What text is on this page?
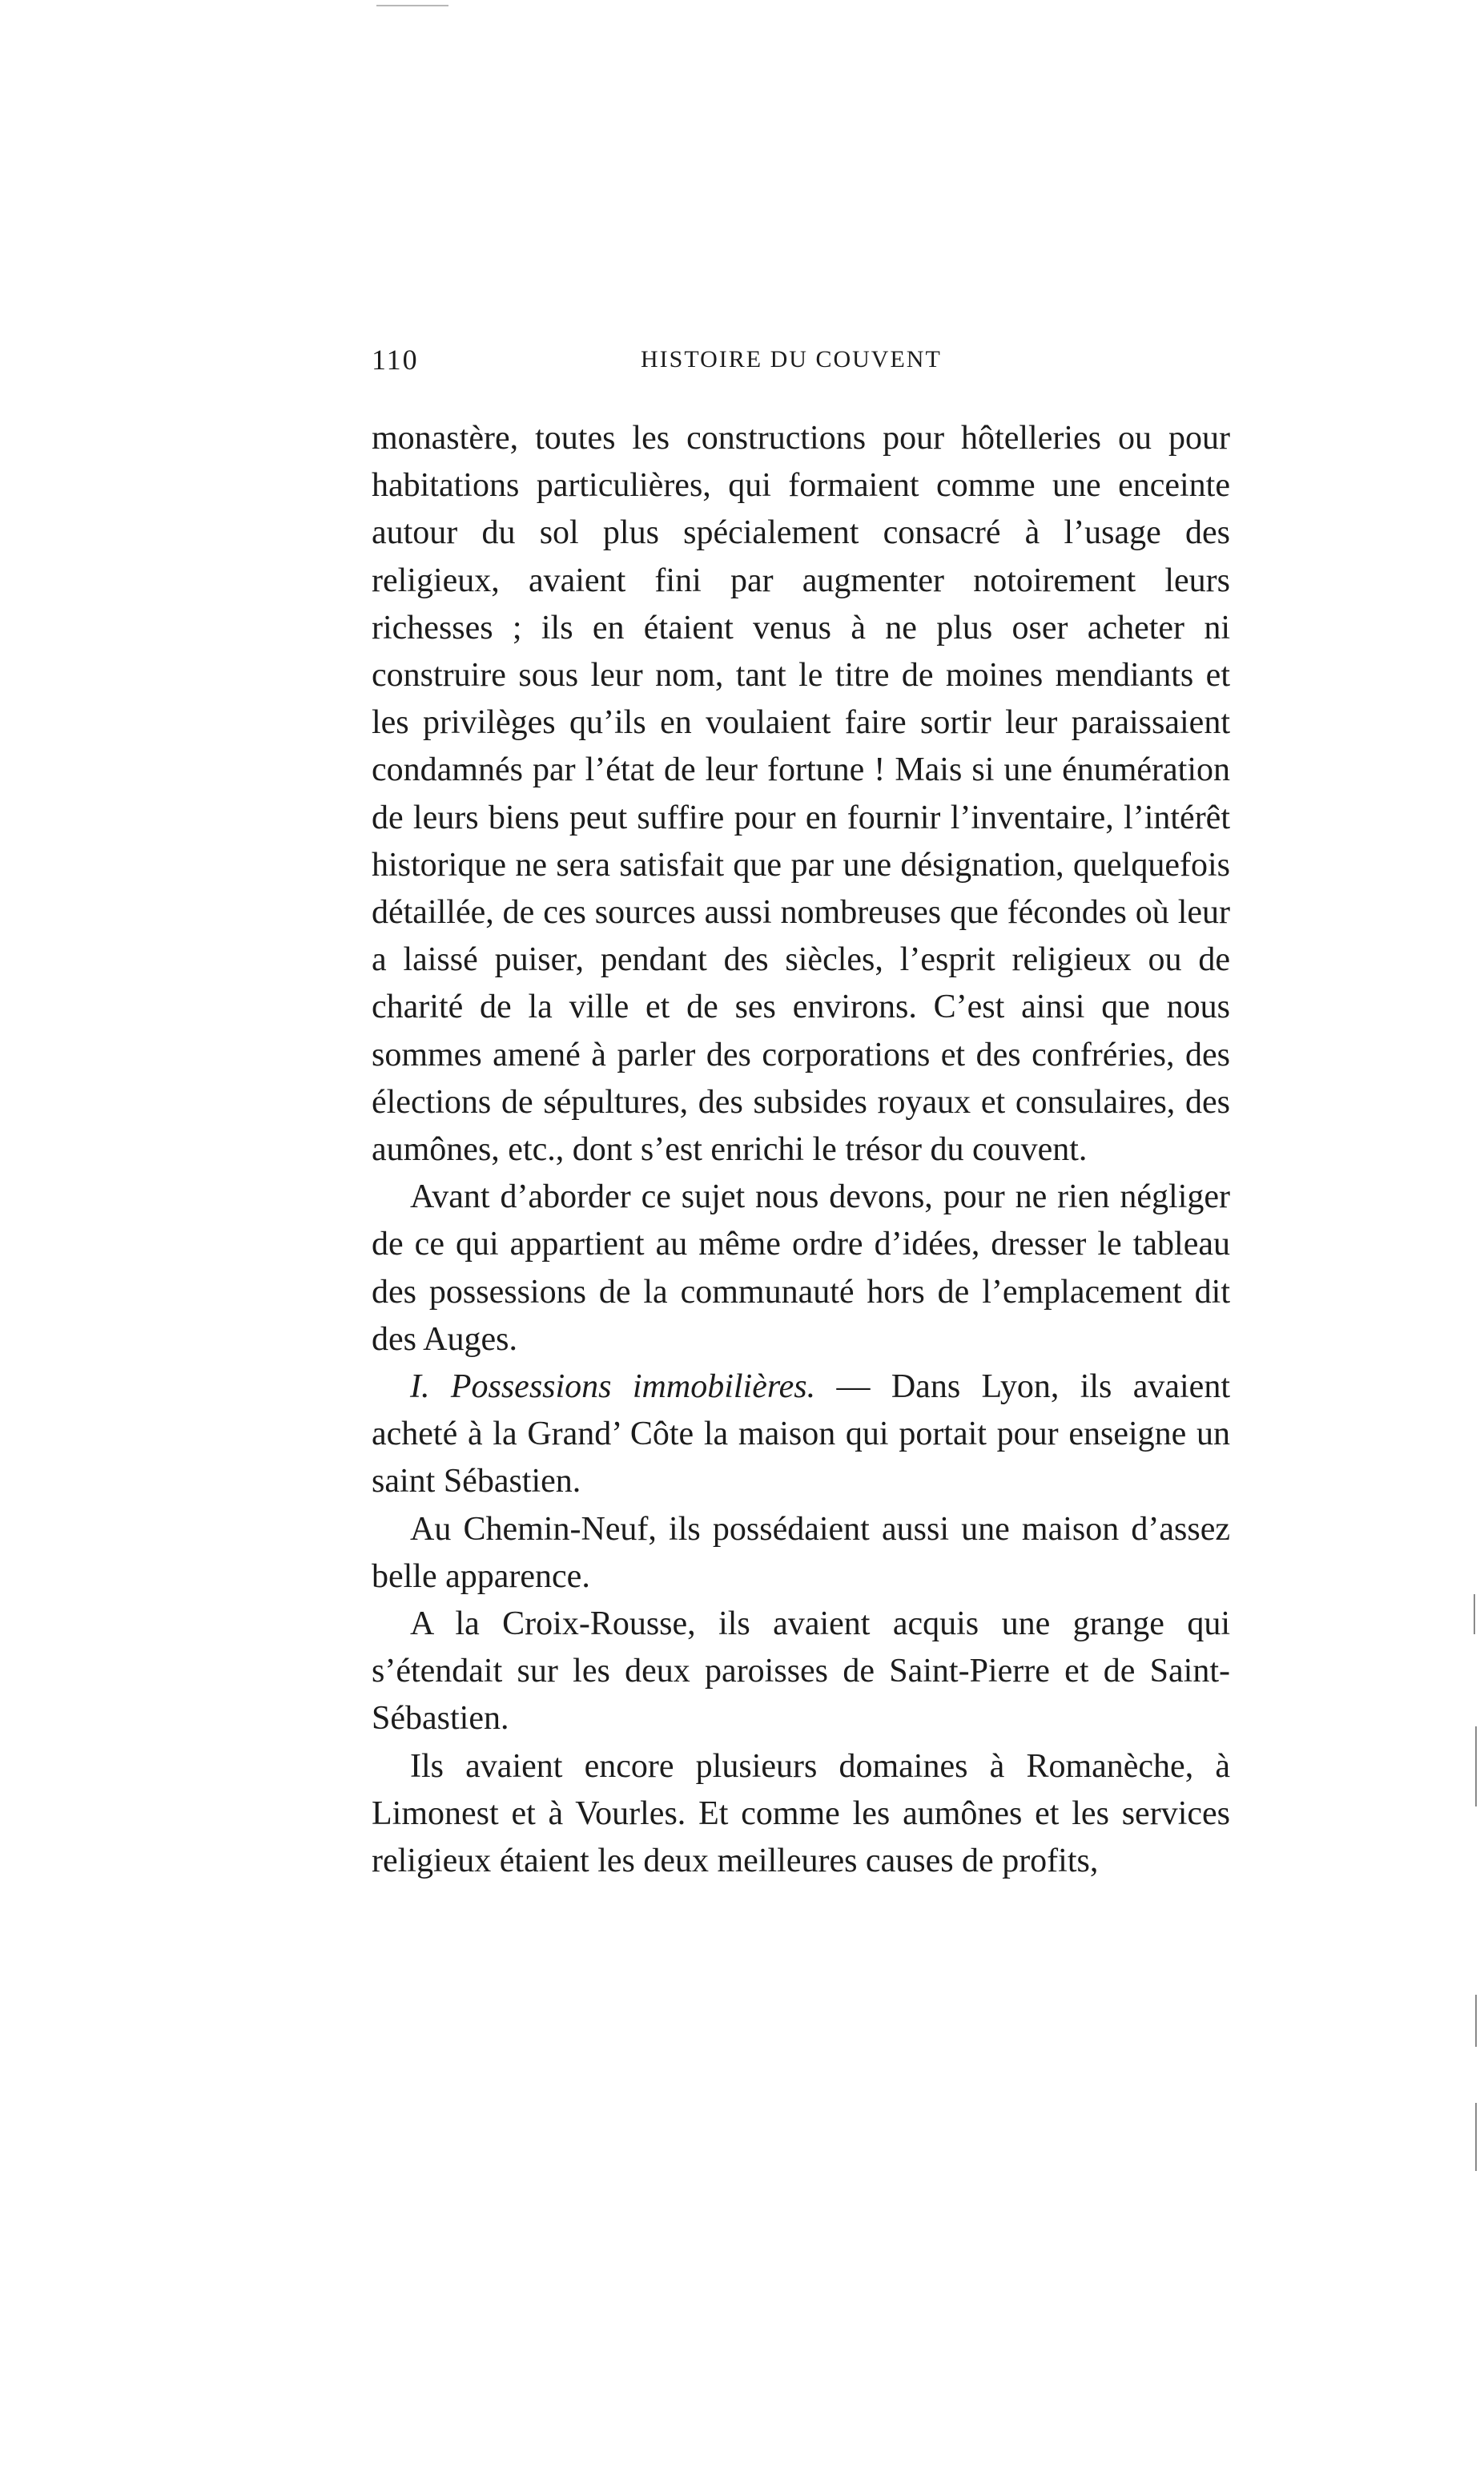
110	HISTOIRE DU COUVENT

monastère, toutes les constructions pour hôtelleries ou pour habitations particulières, qui formaient comme une enceinte autour du sol plus spécialement consacré à l’usage des religieux, avaient fini par augmenter notoirement leurs richesses ; ils en étaient venus à ne plus oser acheter ni construire sous leur nom, tant le titre de moines mendiants et les privilèges qu’ils en voulaient faire sortir leur paraissaient condamnés par l’état de leur fortune ! Mais si une énumération de leurs biens peut suffire pour en fournir l’inventaire, l’intérêt historique ne sera satisfait que par une désignation, quelquefois détaillée, de ces sources aussi nombreuses que fécondes où leur a laissé puiser, pendant des siècles, l’esprit religieux ou de charité de la ville et de ses environs. C’est ainsi que nous sommes amené à parler des corporations et des confréries, des élections de sépultures, des subsides royaux et consulaires, des aumônes, etc., dont s’est enrichi le trésor du couvent.

Avant d’aborder ce sujet nous devons, pour ne rien négliger de ce qui appartient au même ordre d’idées, dresser le tableau des possessions de la communauté hors de l’emplacement dit des Auges.

I. Possessions immobilières. — Dans Lyon, ils avaient acheté à la Grand’ Côte la maison qui portait pour enseigne un saint Sébastien.

Au Chemin-Neuf, ils possédaient aussi une maison d’assez belle apparence.

A la Croix-Rousse, ils avaient acquis une grange qui s’étendait sur les deux paroisses de Saint-Pierre et de Saint-Sébastien.

Ils avaient encore plusieurs domaines à Romanèche, à Limonest et à Vourles. Et comme les aumônes et les services religieux étaient les deux meilleures causes de profits,
